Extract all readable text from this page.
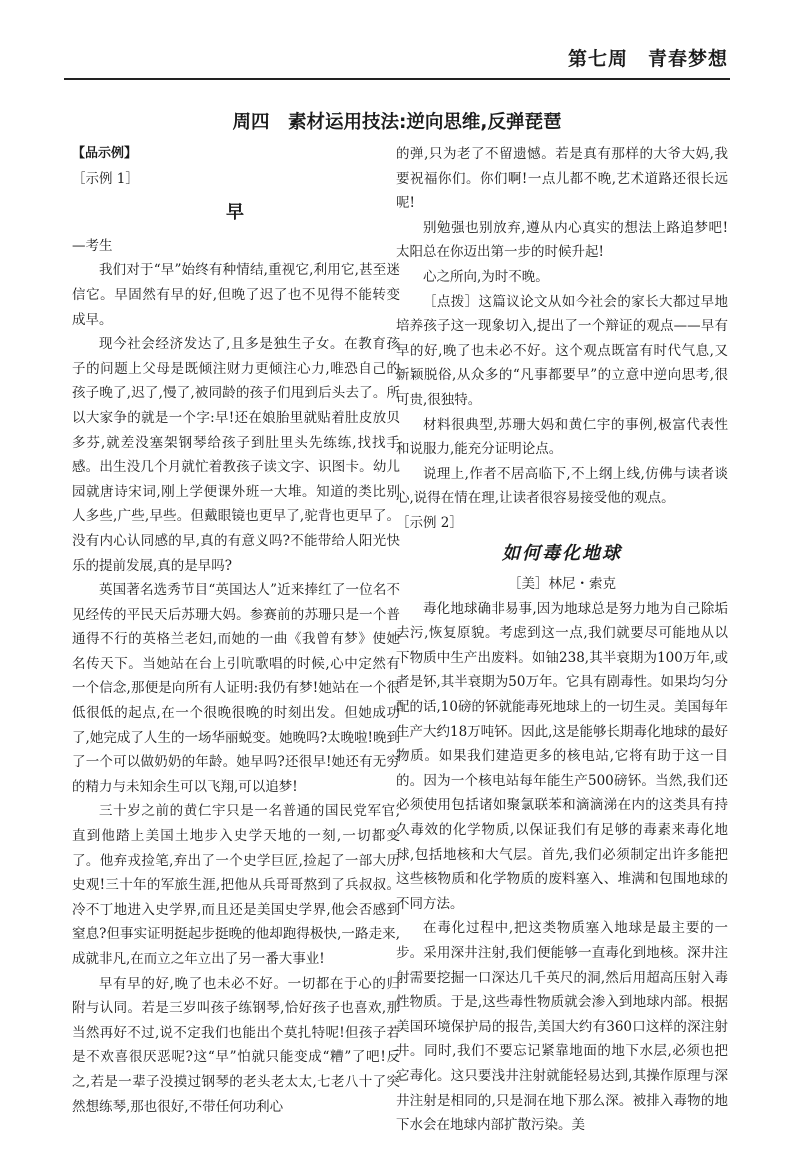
第七周　青春梦想
周四　素材运用技法:逆向思维,反弹琵琶

【品示例】

［示例 1］

早

—考生

我们对于“早”始终有种情结,重视它,利用它,甚至迷信它。早固然有早的好,但晚了迟了也不见得不能转变成早。

现今社会经济发达了,且多是独生子女。在教育孩子的问题上父母是既倾注财力更倾注心力,唯恐自己的孩子晚了,迟了,慢了,被同龄的孩子们甩到后头去了。所以大家争的就是一个字:早!还在娘胎里就贴着肚皮放贝多芬,就差没塞架钢琴给孩子到肚里头先练练,找找手感。出生没几个月就忙着教孩子读文字、识图卡。幼儿园就唐诗宋词,刚上学便课外班一大堆。知道的类比别人多些,广些,早些。但戴眼镜也更早了,驼背也更早了。没有内心认同感的早,真的有意义吗?不能带给人阳光快乐的提前发展,真的是早吗?

英国著名选秀节目“英国达人”近来捧红了一位名不见经传的平民天后苏珊大妈。参赛前的苏珊只是一个普通得不行的英格兰老妇,而她的一曲《我曾有梦》使她名传天下。当她站在台上引吭歌唱的时候,心中定然有一个信念,那便是向所有人证明:我仍有梦!她站在一个很低很低的起点,在一个很晚很晚的时刻出发。但她成功了,她完成了人生的一场华丽蜕变。她晚吗?太晚啦!晚到了一个可以做奶奶的年龄。她早吗?还很早!她还有无穷的精力与未知余生可以飞翔,可以追梦!

三十岁之前的黄仁宇只是一名普通的国民党军官,直到他踏上美国土地步入史学天地的一刻,一切都变了。他弃戎捡笔,弃出了一个史学巨匠,捡起了一部大历史观!三十年的军旅生涯,把他从兵哥哥熬到了兵叔叔。冷不丁地进入史学界,而且还是美国史学界,他会否感到窒息?但事实证明挺起步挺晚的他却跑得极快,一路走来,成就非凡,在而立之年立出了另一番大事业!

早有早的好,晚了也未必不好。一切都在于心的归附与认同。若是三岁叫孩子练钢琴,恰好孩子也喜欢,那当然再好不过,说不定我们也能出个莫扎特呢!但孩子若是不欢喜很厌恶呢?这“早”怕就只能变成“糟”了吧!反之,若是一辈子没摸过钢琴的老头老太太,七老八十了突然想练琴,那也很好,不带任何功利心

的弹,只为老了不留遗憾。若是真有那样的大爷大妈,我要祝福你们。你们啊!一点儿都不晚,艺术道路还很长远呢!

别勉强也别放弃,遵从内心真实的想法上路追梦吧!太阳总在你迈出第一步的时候升起!

心之所向,为时不晚。

［点拨］这篇议论文从如今社会的家长大都过早地培养孩子这一现象切入,提出了一个辩证的观点——早有早的好,晚了也未必不好。这个观点既富有时代气息,又新颖脱俗,从众多的“凡事都要早”的立意中逆向思考,很可贵,很独特。

材料很典型,苏珊大妈和黄仁宇的事例,极富代表性和说服力,能充分证明论点。

说理上,作者不居高临下,不上纲上线,仿佛与读者谈心,说得在情在理,让读者很容易接受他的观点。

［示例 2］

如何毒化地球

［美］林尼・索克

毒化地球确非易事,因为地球总是努力地为自己除垢去污,恢复原貌。考虑到这一点,我们就要尽可能地从以下物质中生产出废料。如铀238,其半衰期为100万年,或者是钚,其半衰期为50万年。它具有剧毒性。如果均匀分配的话,10磅的钚就能毒死地球上的一切生灵。美国每年生产大约18万吨钚。因此,这是能够长期毒化地球的最好物质。如果我们建造更多的核电站,它将有助于这一目的。因为一个核电站每年能生产500磅钚。当然,我们还必须使用包括诸如聚氯联苯和滴滴涕在内的这类具有持久毒效的化学物质,以保证我们有足够的毒素来毒化地球,包括地核和大气层。首先,我们必须制定出许多能把这些核物质和化学物质的废料塞入、堆满和包围地球的不同方法。

在毒化过程中,把这类物质塞入地球是最主要的一步。采用深井注射,我们便能够一直毒化到地核。深井注射需要挖掘一口深达几千英尺的洞,然后用超高压射入毒性物质。于是,这些毒性物质就会渗入到地球内部。根据美国环境保护局的报告,美国大约有360口这样的深注射井。同时,我们不要忘记紧靠地面的地下水层,必须也把它毒化。这只要浅井注射就能轻易达到,其操作原理与深井注射是相同的,只是洞在地下那么深。被排入毒物的地下水会在地球内部扩散污染。美
